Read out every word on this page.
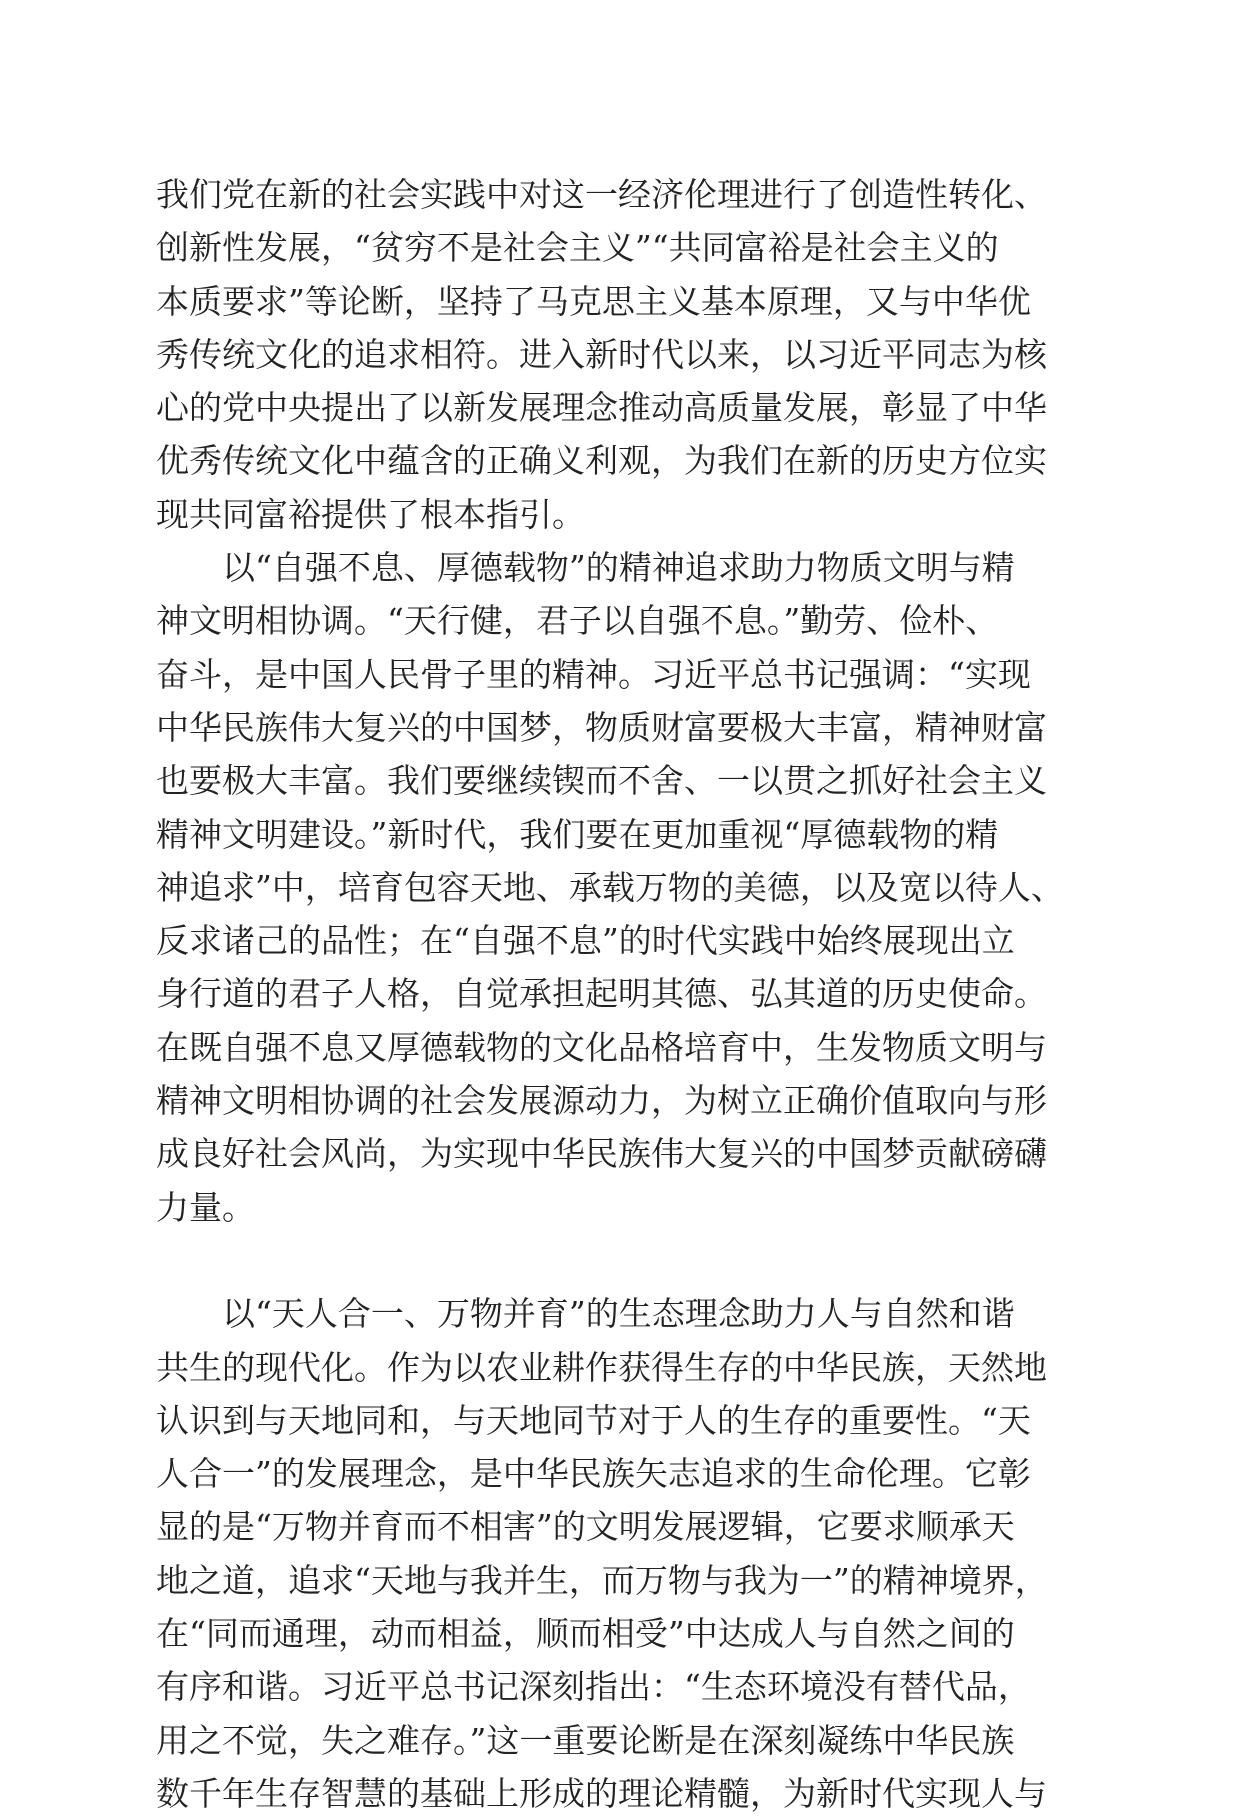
我们党在新的社会实践中对这一经济伦理进行了创造性转化、
创新性发展，“贫穷不是社会主义”“共同富裕是社会主义的
本质要求”等论断，坚持了马克思主义基本原理，又与中华优
秀传统文化的追求相符。进入新时代以来，以习近平同志为核
心的党中央提出了以新发展理念推动高质量发展，彰显了中华
优秀传统文化中蕴含的正确义利观，为我们在新的历史方位实
现共同富裕提供了根本指引。
以“自强不息、厚德载物”的精神追求助力物质文明与精
神文明相协调。“天行健，君子以自强不息。”勤劳、俭朴、
奋斗，是中国人民骨子里的精神。习近平总书记强调：“实现
中华民族伟大复兴的中国梦，物质财富要极大丰富，精神财富
也要极大丰富。我们要继续锲而不舍、一以贯之抓好社会主义
精神文明建设。”新时代，我们要在更加重视“厚德载物的精
神追求”中，培育包容天地、承载万物的美德，以及宽以待人、
反求诸己的品性；在“自强不息”的时代实践中始终展现出立
身行道的君子人格，自觉承担起明其德、弘其道的历史使命。
在既自强不息又厚德载物的文化品格培育中，生发物质文明与
精神文明相协调的社会发展源动力，为树立正确价值取向与形
成良好社会风尚，为实现中华民族伟大复兴的中国梦贡献磅礴
力量。
以“天人合一、万物并育”的生态理念助力人与自然和谐
共生的现代化。作为以农业耕作获得生存的中华民族，天然地
认识到与天地同和，与天地同节对于人的生存的重要性。“天
人合一”的发展理念，是中华民族矢志追求的生命伦理。它彰
显的是“万物并育而不相害”的文明发展逻辑，它要求顺承天
地之道，追求“天地与我并生，而万物与我为一”的精神境界，
在“同而通理，动而相益，顺而相受”中达成人与自然之间的
有序和谐。习近平总书记深刻指出：“生态环境没有替代品，
用之不觉，失之难存。”这一重要论断是在深刻凝练中华民族
数千年生存智慧的基础上形成的理论精髓，为新时代实现人与
